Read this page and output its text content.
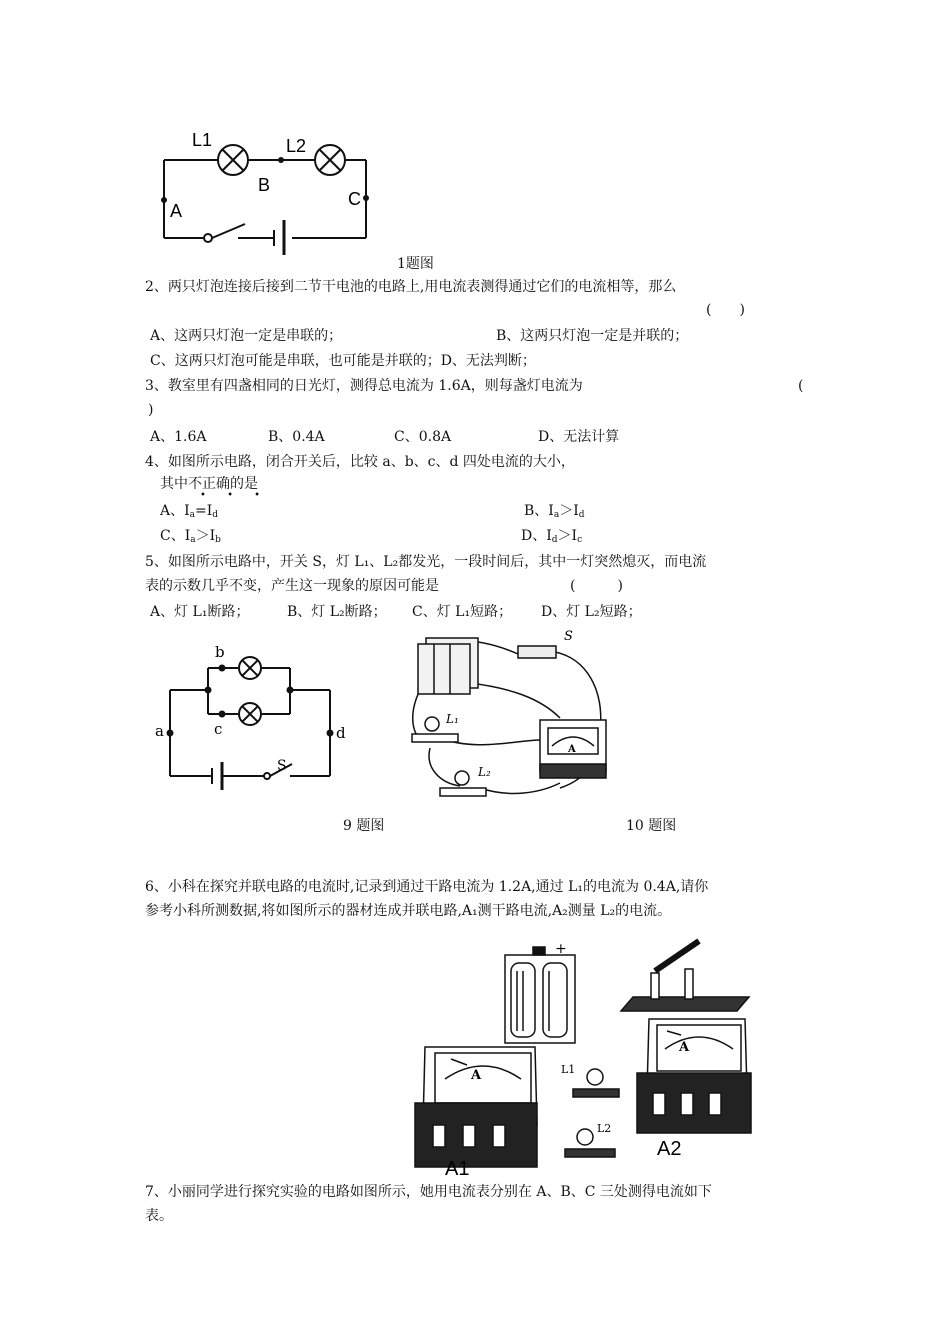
L1	L2
A
B
C
1题图
2、两只灯泡连接后接到二节干电池的电路上,用电流表测得通过它们的电流相等，那么
(　　)
A、这两只灯泡一定是串联的；	B、这两只灯泡一定是并联的；
C、这两只灯泡可能是串联，也可能是并联的；D、无法判断；
3、教室里有四盏相同的日光灯，测得总电流为 1.6A，则每盏灯电流为	(
)
A、1.6A	B、0.4A	C、0.8A	D、无法计算
4、如图所示电路，闭合开关后，比较 a、b、c、d 四处电流的大小，
其中不正确的是
• • •
A、$I_a=I_d$	B、$I_a>I_d$
C、$I_a>I_b$	D、$I_d>I_c$
5、如图所示电路中，开关 S，灯 L₁、L₂都发光，一段时间后，其中一灯突然熄灭，而电流
表的示数几乎不变，产生这一现象的原因可能是	(　　　)
A、灯 L₁断路；	B、灯 L₂断路； C、灯 L₁短路； D、灯 L₂短路；
b
c
a	d
S
9 题图
S
L₁
L₂
A
10 题图
6、小科在探究并联电路的电流时,记录到通过干路电流为 1.2A,通过 L₁的电流为 0.4A,请你
参考小科所测数据,将如图所示的器材连成并联电路,A₁测干路电流,A₂测量 L₂的电流。
+
A
A
L1
L2
A1
A2
7、小丽同学进行探究实验的电路如图所示，她用电流表分别在 A、B、C 三处测得电流如下
表。
